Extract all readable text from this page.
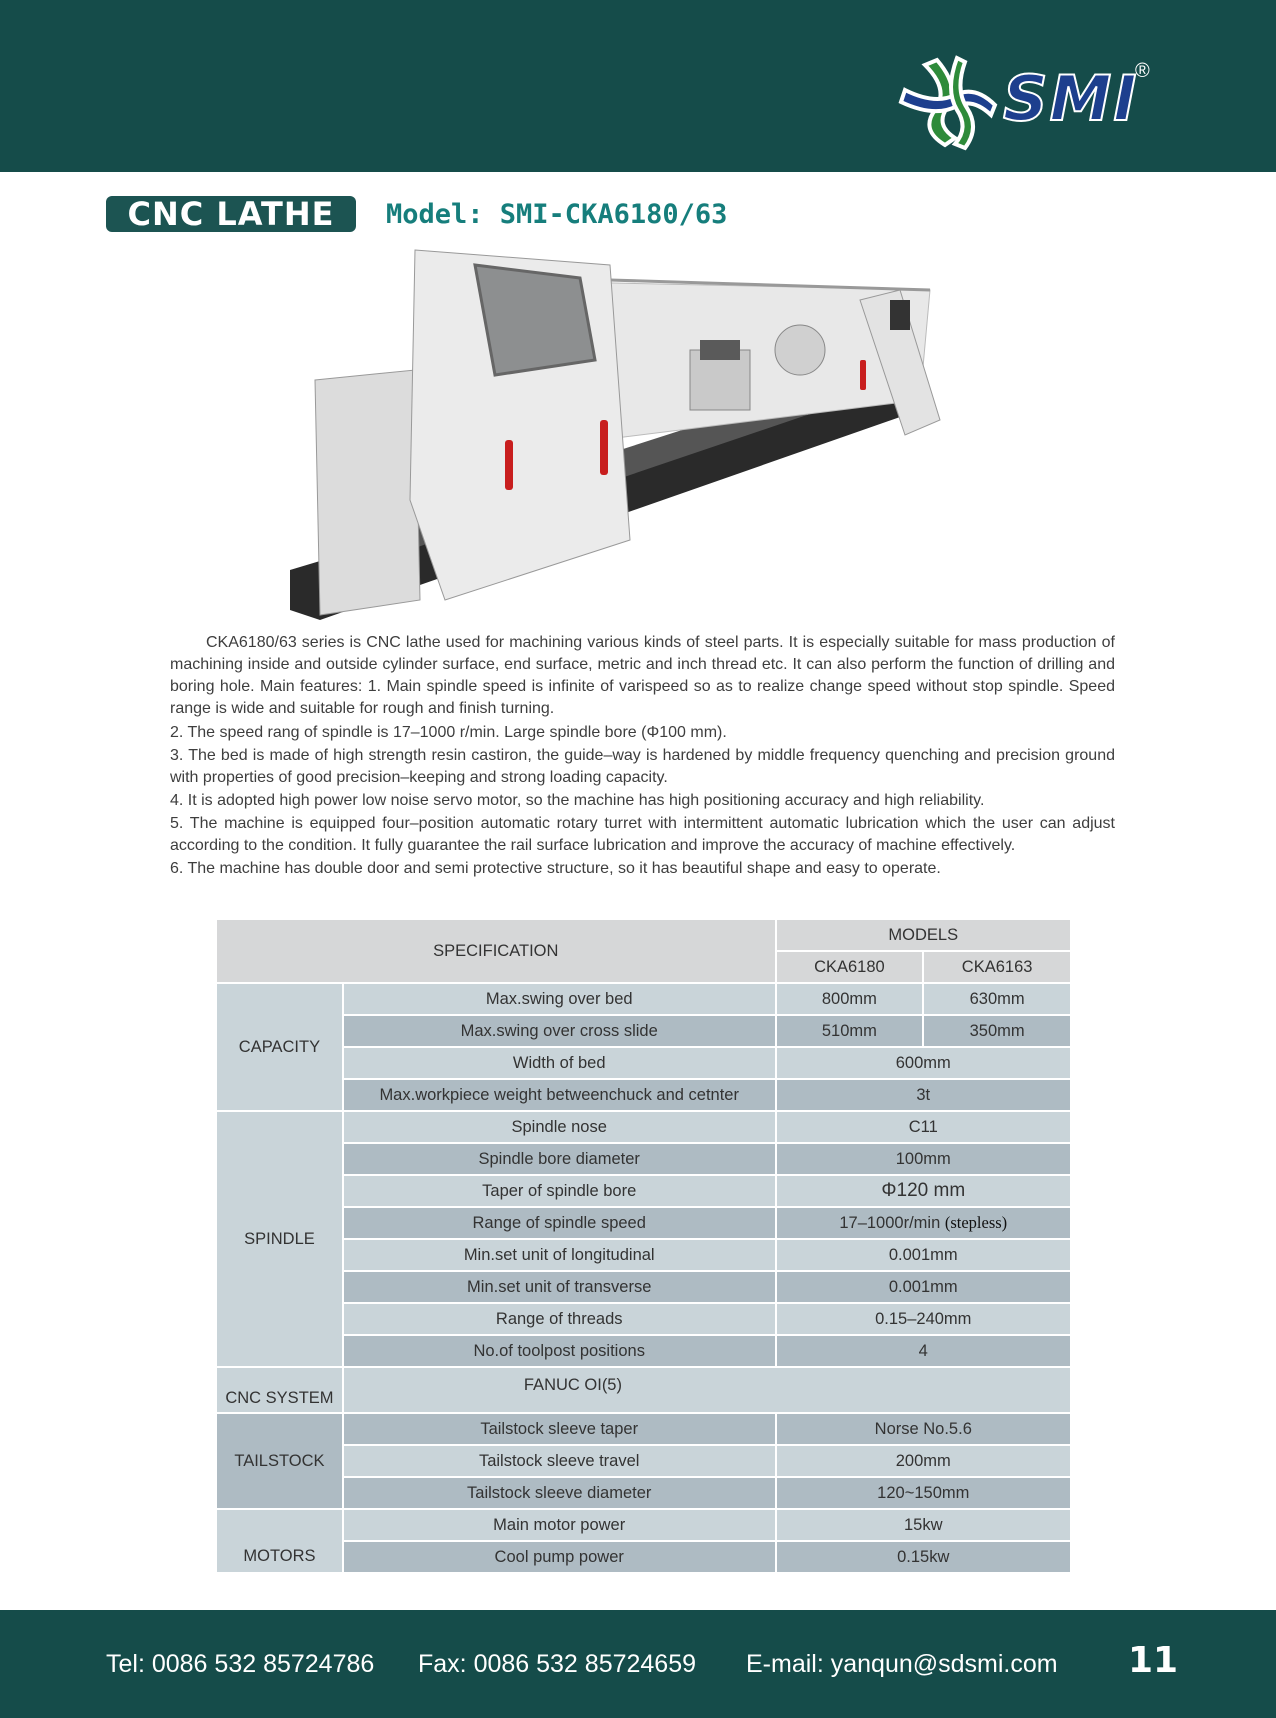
SMI
®
CNC LATHE	Model: SMI-CKA6180/63

CKA6180/63 series is CNC lathe used for machining various kinds of steel parts. It is especially suitable for mass production of machining inside and outside cylinder surface, end surface, metric and inch thread etc. It can also perform the function of drilling and boring hole. Main features: 1. Main spindle speed is infinite of varispeed so as to realize change speed without stop spindle. Speed range is wide and suitable for rough and finish turning.

2. The speed rang of spindle is 17–1000 r/min. Large spindle bore (Φ100 mm).

3. The bed is made of high strength resin castiron, the guide–way is hardened by middle frequency quenching and precision ground with properties of good precision–keeping and strong loading capacity.

4. It is adopted high power low noise servo motor, so the machine has high positioning accuracy and high reliability.

5. The machine is equipped four–position automatic rotary turret with intermittent automatic lubrication which the user can adjust according to the condition. It fully guarantee the rail surface lubrication and improve the accuracy of machine effectively.

6. The machine has double door and semi protective structure, so it has beautiful shape and easy to operate.

SPECIFICATION		MODELS	
		CKA6180	CKA6163
CAPACITY	Max.swing over bed	800mm	630mm
	Max.swing over cross slide	510mm	350mm
	Width of bed	600mm	
	Max.workpiece weight betweenchuck and cetnter	3t	
SPINDLE	Spindle nose	C11	
	Spindle bore diameter	100mm	
	Taper of spindle bore	Φ120 mm	
	Range of spindle speed	17–1000r/min (stepless)	
	Min.set unit of longitudinal	0.001mm	
	Min.set unit of transverse	0.001mm	
	Range of threads	0.15–240mm	
	No.of toolpost positions	4	
CNC SYSTEM	FANUC OI(5)		
TAILSTOCK	Tailstock sleeve taper	Norse No.5.6	
	Tailstock sleeve travel	200mm	
	Tailstock sleeve diameter	120~150mm	
MOTORS	Main motor power	15kw	
	Cool pump power	0.15kw	
Tel: 0086 532 85724786 Fax: 0086 532 85724659 E-mail: yanqun@sdsmi.com 11
